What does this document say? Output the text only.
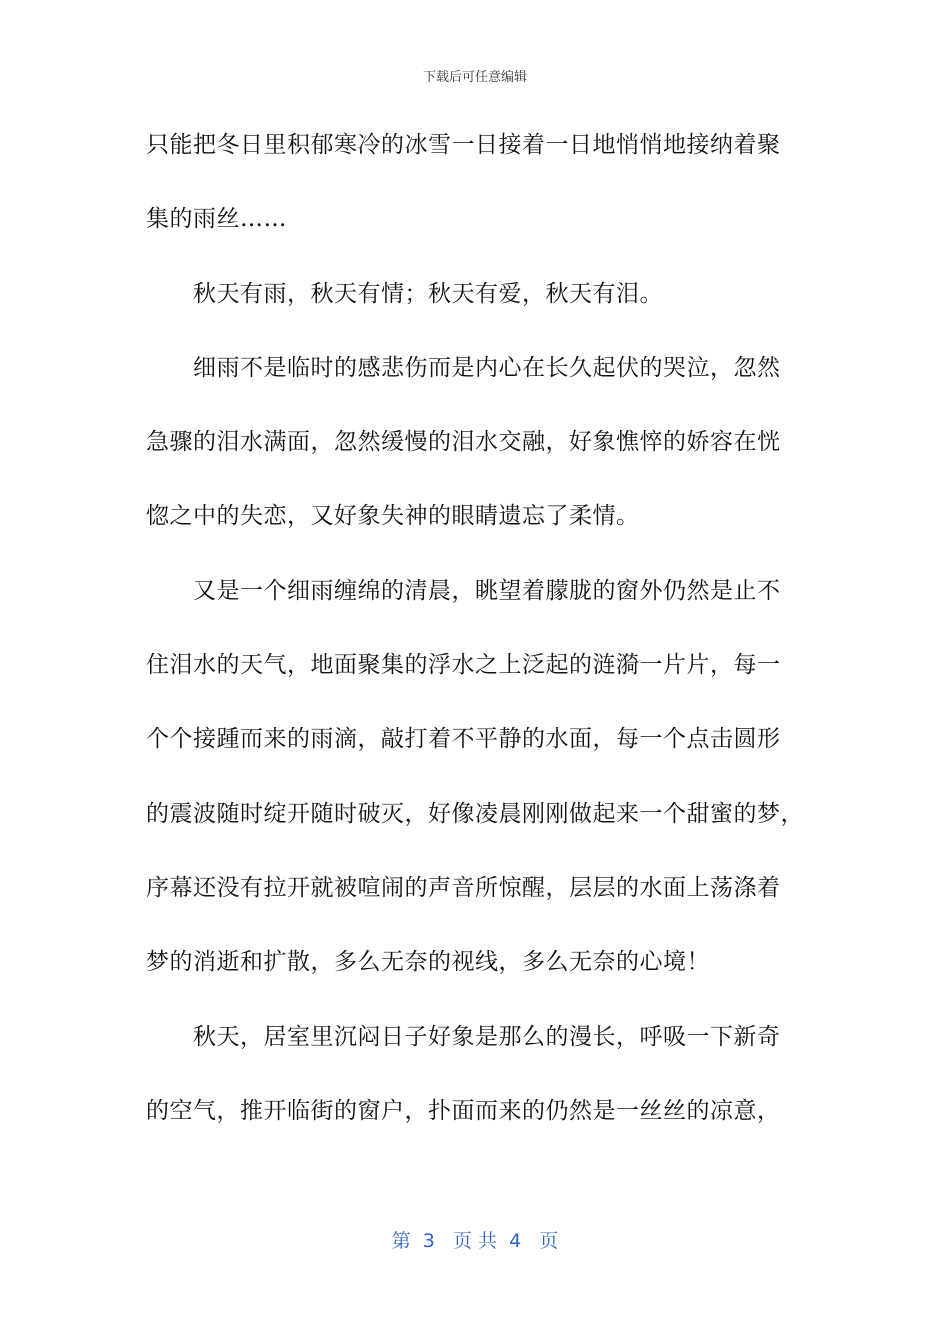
下载后可任意编辑
只能把冬日里积郁寒冷的冰雪一日接着一日地悄悄地接纳着聚
集的雨丝……
秋天有雨，秋天有情；秋天有爱，秋天有泪。
细雨不是临时的感悲伤而是内心在长久起伏的哭泣，忽然
急骤的泪水满面，忽然缓慢的泪水交融，好象憔悴的娇容在恍
惚之中的失恋，又好象失神的眼睛遗忘了柔情。
又是一个细雨缠绵的清晨，眺望着朦胧的窗外仍然是止不
住泪水的天气，地面聚集的浮水之上泛起的涟漪一片片，每一
个个接踵而来的雨滴，敲打着不平静的水面，每一个点击圆形
的震波随时绽开随时破灭，好像凌晨刚刚做起来一个甜蜜的梦，
序幕还没有拉开就被喧闹的声音所惊醒，层层的水面上荡涤着
梦的消逝和扩散，多么无奈的视线，多么无奈的心境！
秋天，居室里沉闷日子好象是那么的漫长，呼吸一下新奇
的空气，推开临街的窗户，扑面而来的仍然是一丝丝的凉意，
第  3   页 共  4   页
